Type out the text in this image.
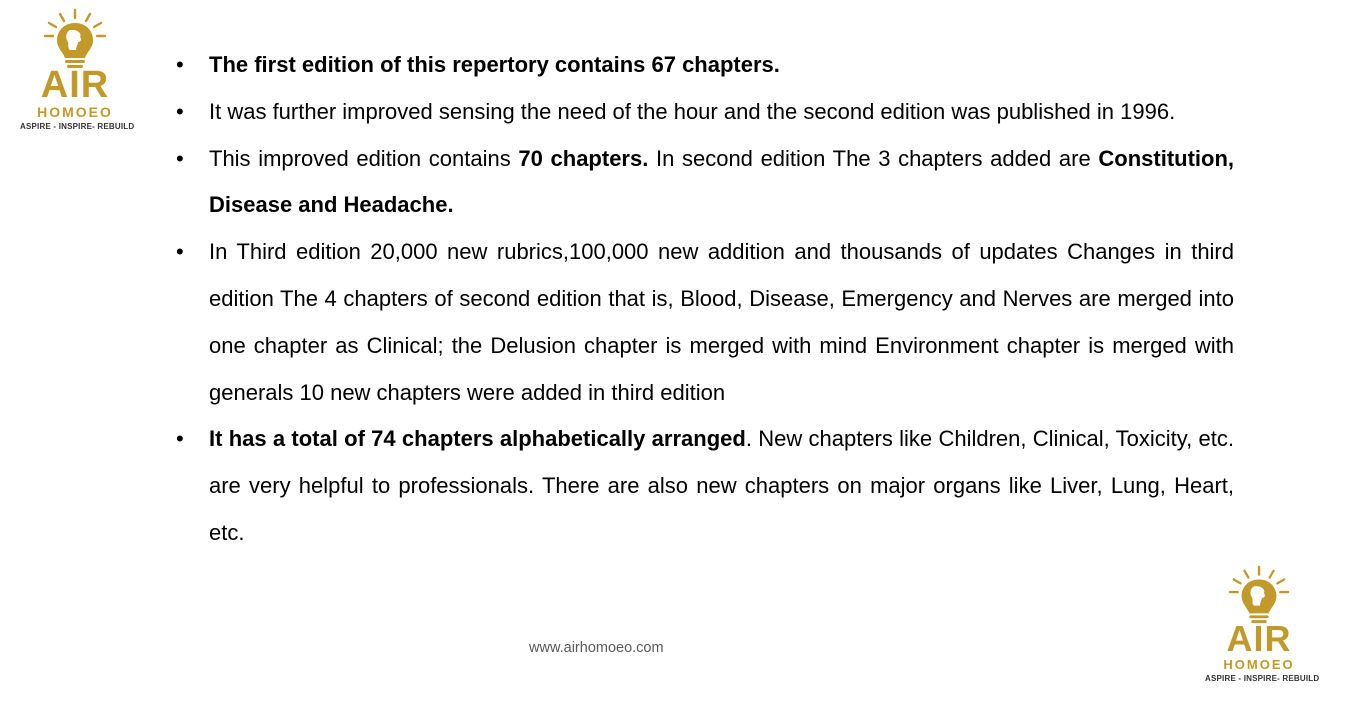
AIR
HOMOEO
ASPIRE - INSPIRE- REBUILD
• The first edition of this repertory contains 67 chapters.
• It was further improved sensing the need of the hour and the second edition was published in 1996.
• This improved edition contains 70 chapters. In second edition The 3 chapters added are Constitution, Disease and Headache.
• In Third edition 20,000 new rubrics,100,000 new addition and thousands of updates Changes in third edition The 4 chapters of second edition that is, Blood, Disease, Emergency and Nerves are merged into one chapter as Clinical; the Delusion chapter is merged with mind Environment chapter is merged with generals 10 new chapters were added in third edition
• It has a total of 74 chapters alphabetically arranged. New chapters like Children, Clinical, Toxicity, etc. are very helpful to professionals. There are also new chapters on major organs like Liver, Lung, Heart, etc.
www.airhomoeo.com	AIR
HOMOEO
ASPIRE - INSPIRE- REBUILD
